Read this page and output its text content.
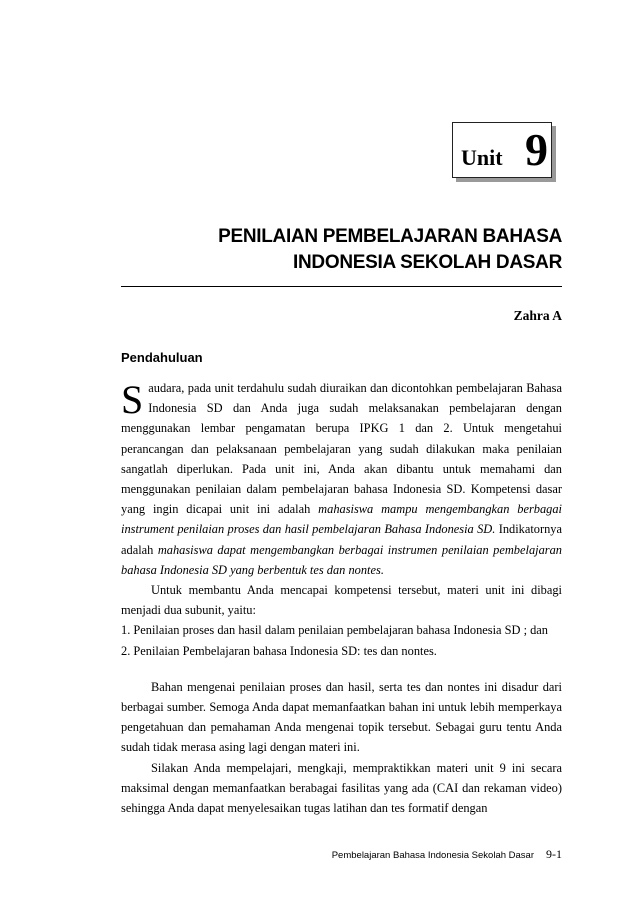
Unit 9
PENILAIAN PEMBELAJARAN BAHASA
INDONESIA SEKOLAH DASAR
Zahra A
Pendahuluan

Saudara, pada unit terdahulu sudah diuraikan dan dicontohkan pembelajaran Bahasa Indonesia SD dan Anda juga sudah melaksanakan pembelajaran dengan menggunakan lembar pengamatan berupa IPKG 1 dan 2. Untuk mengetahui perancangan dan pelaksanaan pembelajaran yang sudah dilakukan maka penilaian sangatlah diperlukan. Pada unit ini, Anda akan dibantu untuk memahami dan menggunakan penilaian dalam pembelajaran bahasa Indonesia SD. Kompetensi dasar yang ingin dicapai unit ini adalah mahasiswa mampu mengembangkan berbagai instrument penilaian proses dan hasil pembelajaran Bahasa Indonesia SD. Indikatornya adalah mahasiswa dapat mengembangkan berbagai instrumen penilaian pembelajaran bahasa Indonesia SD yang berbentuk tes dan nontes.

Untuk membantu Anda mencapai kompetensi tersebut, materi unit ini dibagi menjadi dua subunit, yaitu:

1. Penilaian proses dan hasil dalam penilaian pembelajaran bahasa Indonesia SD ; dan

2. Penilaian Pembelajaran bahasa Indonesia SD: tes dan nontes.

Bahan mengenai penilaian proses dan hasil, serta tes dan nontes ini disadur dari berbagai sumber. Semoga Anda dapat memanfaatkan bahan ini untuk lebih memperkaya pengetahuan dan pemahaman Anda mengenai topik tersebut. Sebagai guru tentu Anda sudah tidak merasa asing lagi dengan materi ini.

Silakan Anda mempelajari, mengkaji, mempraktikkan materi unit 9 ini secara maksimal dengan memanfaatkan berabagai fasilitas yang ada (CAI dan rekaman video) sehingga Anda dapat menyelesaikan tugas latihan dan tes formatif dengan

Pembelajaran Bahasa Indonesia Sekolah Dasar 9-1
